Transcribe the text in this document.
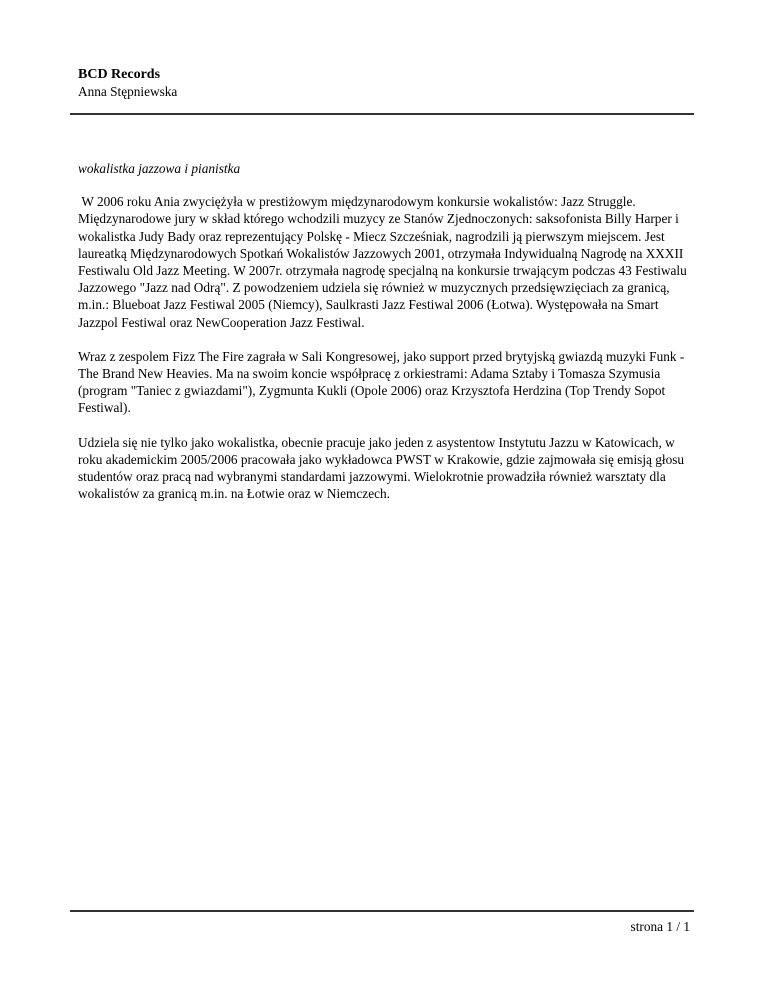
BCD Records
Anna Stępniewska

wokalistka jazzowa i pianistka

W 2006 roku Ania zwyciężyła w prestiżowym międzynarodowym konkursie wokalistów: Jazz Struggle. Międzynarodowe jury w skład którego wchodzili muzycy ze Stanów Zjednoczonych: saksofonista Billy Harper i wokalistka Judy Bady oraz reprezentujący Polskę - Miecz Szcześniak, nagrodzili ją pierwszym miejscem. Jest laureatką Międzynarodowych Spotkań Wokalistów Jazzowych 2001, otrzymała Indywidualną Nagrodę na XXXII Festiwalu Old Jazz Meeting. W 2007r. otrzymała nagrodę specjalną na konkursie trwającym podczas 43 Festiwalu Jazzowego "Jazz nad Odrą". Z powodzeniem udziela się również w muzycznych przedsięwzięciach za granicą, m.in.: Blueboat Jazz Festiwal 2005 (Niemcy), Saulkrasti Jazz Festiwal 2006 (Łotwa). Występowała na Smart Jazzpol Festiwal oraz NewCooperation Jazz Festiwal.

Wraz z zespolem Fizz The Fire zagrała w Sali Kongresowej, jako support przed brytyjską gwiazdą muzyki Funk - The Brand New Heavies. Ma na swoim koncie współpracę z orkiestrami: Adama Sztaby i Tomasza Szymusia (program "Taniec z gwiazdami"), Zygmunta Kukli (Opole 2006) oraz Krzysztofa Herdzina (Top Trendy Sopot Festiwal).

Udziela się nie tylko jako wokalistka, obecnie pracuje jako jeden z asystentow Instytutu Jazzu w Katowicach, w roku akademickim 2005/2006 pracowała jako wykładowca PWST w Krakowie, gdzie zajmowała się emisją głosu studentów oraz pracą nad wybranymi standardami jazzowymi. Wielokrotnie prowadziła również warsztaty dla wokalistów za granicą m.in. na Łotwie oraz w Niemczech.

strona 1 / 1
